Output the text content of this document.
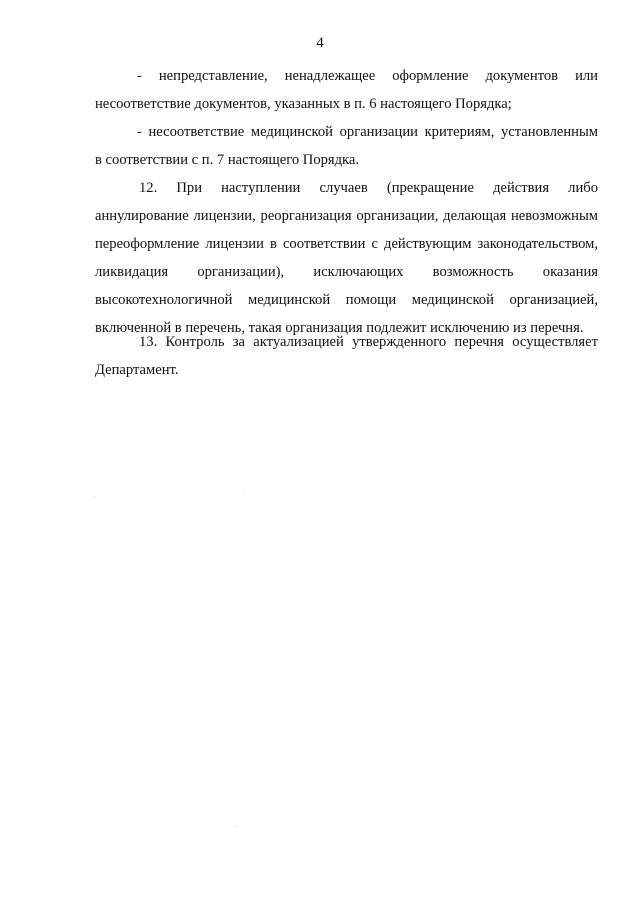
4
- непредставление, ненадлежащее оформление документов или
несоответствие документов, указанных в п. 6 настоящего Порядка;
- несоответствие медицинской организации критериям, установленным
в соответствии с п. 7 настоящего Порядка.
12. При наступлении случаев (прекращение действия либо
аннулирование лицензии, реорганизация организации, делающая невозможным
переоформление лицензии в соответствии с действующим законодательством,
ликвидация организации), исключающих возможность оказания
высокотехнологичной медицинской помощи медицинской организацией,
включенной в перечень, такая организация подлежит исключению из перечня.
13. Контроль за актуализацией утвержденного перечня осуществляет
Департамент.
